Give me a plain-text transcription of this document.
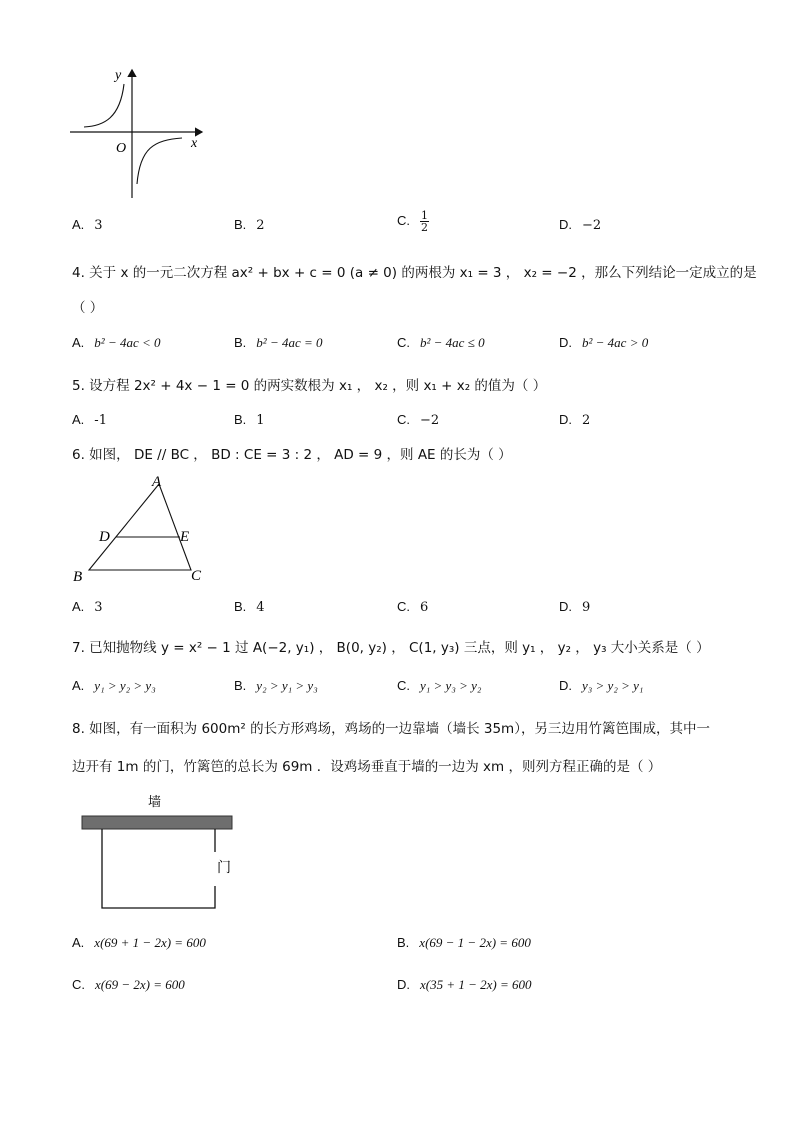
y
x
O
A. 3	B. 2	C. $\frac{1}{2}$	D. −2
4. 关于 x 的一元二次方程 ax² + bx + c = 0 (a ≠ 0) 的两根为 x₁ = 3 ， x₂ = −2 ，那么下列结论一定成立的是
（ ）
A. b² − 4ac < 0	B. b² − 4ac = 0	C. b² − 4ac ≤ 0	D. b² − 4ac > 0
5. 设方程 2x² + 4x − 1 = 0 的两实数根为 x₁ ， x₂ ，则 x₁ + x₂ 的值为（ ）
A. -1	B. 1	C. −2	D. 2
6. 如图， DE // BC ， BD : CE = 3 : 2 ， AD = 9 ，则 AE 的长为（ ）
A
B	C
D	E
A. 3	B. 4	C. 6	D. 9
7. 已知抛物线 y = x² − 1 过 A(−2, y₁) ， B(0, y₂) ， C(1, y₃) 三点，则 y₁ ， y₂ ， y₃ 大小关系是（ ）
A. y₁ > y₂ > y₃	B. y₂ > y₁ > y₃	C. y₁ > y₃ > y₂	D. y₃ > y₂ > y₁
8. 如图，有一面积为 600m² 的长方形鸡场，鸡场的一边靠墙（墙长 35m），另三边用竹篱笆围成，其中一
边开有 1m 的门，竹篱笆的总长为 69m ．设鸡场垂直于墙的一边为 xm ，则列方程正确的是（ ）
墙
门
A. x(69 + 1 − 2x) = 600	B. x(69 − 1 − 2x) = 600
C. x(69 − 2x) = 600	D. x(35 + 1 − 2x) = 600
